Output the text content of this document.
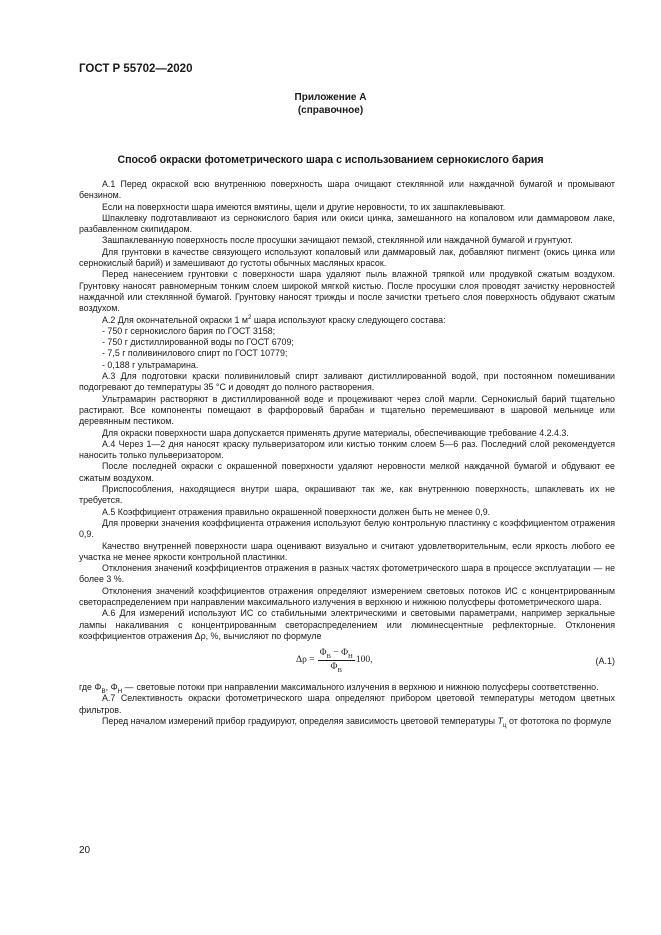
ГОСТ Р 55702—2020
Приложение А
(справочное)
Способ окраски фотометрического шара с использованием сернокислого бария

А.1 Перед окраской всю внутреннюю поверхность шара очищают стеклянной или наждачной бумагой и промывают бензином.

Если на поверхности шара имеются вмятины, щели и другие неровности, то их зашпаклевывают.

Шпаклевку подготавливают из сернокислого бария или окиси цинка, замешанного на копаловом или даммаровом лаке, разбавленном скипидаром.

Зашпаклеванную поверхность после просушки зачищают пемзой, стеклянной или наждачной бумагой и грунтуют.

Для грунтовки в качестве связующего используют копаловый или даммаровый лак, добавляют пигмент (окись цинка или сернокислый барий) и замешивают до густоты обычных масляных красок.

Перед нанесением грунтовки с поверхности шара удаляют пыль влажной тряпкой или продувкой сжатым воздухом. Грунтовку наносят равномерным тонким слоем широкой мягкой кистью. После просушки слоя проводят зачистку неровностей наждачной или стеклянной бумагой. Грунтовку наносят трижды и после зачистки третьего слоя поверхность обдувают сжатым воздухом.

А.2 Для окончательной окраски 1 $м^2$ шара используют краску следующего состава:

- 750 г сернокислого бария по ГОСТ 3158;

- 750 г дистиллированной воды по ГОСТ 6709;

- 7,5 г поливинилового спирт по ГОСТ 10779;

- 0,188 г ультрамарина.

А.3 Для подготовки краски поливиниловый спирт заливают дистиллированной водой, при постоянном помешивании подогревают до температуры 35 °С и доводят до полного растворения.

Ультрамарин растворяют в дистиллированной воде и процеживают через слой марли. Сернокислый барий тщательно растирают. Все компоненты помещают в фарфоровый барабан и тщательно перемешивают в шаровой мельнице или деревянным пестиком.

Для окраски поверхности шара допускается применять другие материалы, обеспечивающие требование 4.2.4.3.

А.4 Через 1—2 дня наносят краску пульверизатором или кистью тонким слоем 5—6 раз. Последний слой рекомендуется наносить только пульверизатором.

После последней окраски с окрашенной поверхности удаляют неровности мелкой наждачной бумагой и обдувают ее сжатым воздухом.

Приспособления, находящиеся внутри шара, окрашивают так же, как внутреннюю поверхность, шпаклевать их не требуется.

А.5 Коэффициент отражения правильно окрашенной поверхности должен быть не менее 0,9.

Для проверки значения коэффициента отражения используют белую контрольную пластинку с коэффициентом отражения 0,9.

Качество внутренней поверхности шара оценивают визуально и считают удовлетворительным, если яркость любого ее участка не менее яркости контрольной пластинки.

Отклонения значений коэффициентов отражения в разных частях фотометрического шара в процессе эксплуатации — не более 3 %.

Отклонения значений коэффициентов отражения определяют измерением световых потоков ИС с концентрированным светораспределением при направлении максимального излучения в верхнюю и нижнюю полусферы фотометрического шара.

А.6 Для измерений используют ИС со стабильными электрическими и световыми параметрами, например зеркальные лампы накаливания с концентрированным светораспределением или люминесцентные рефлекторные. Отклонения коэффициентов отражения Δρ, %, вычисляют по формуле

$\Delta\rho = \frac{\Phi_В - \Phi_Н}{\Phi_В} 100$,	(А.1)
где $\Phi_В$, $\Phi_Н$ — световые потоки при направлении максимального излучения в верхнюю и нижнюю полусферы соответственно.

А.7 Селективность окраски фотометрического шара определяют прибором цветовой температуры методом цветных фильтров.

Перед началом измерений прибор градуируют, определяя зависимость цветовой температуры $T_ц$ от фототока по формуле

20
